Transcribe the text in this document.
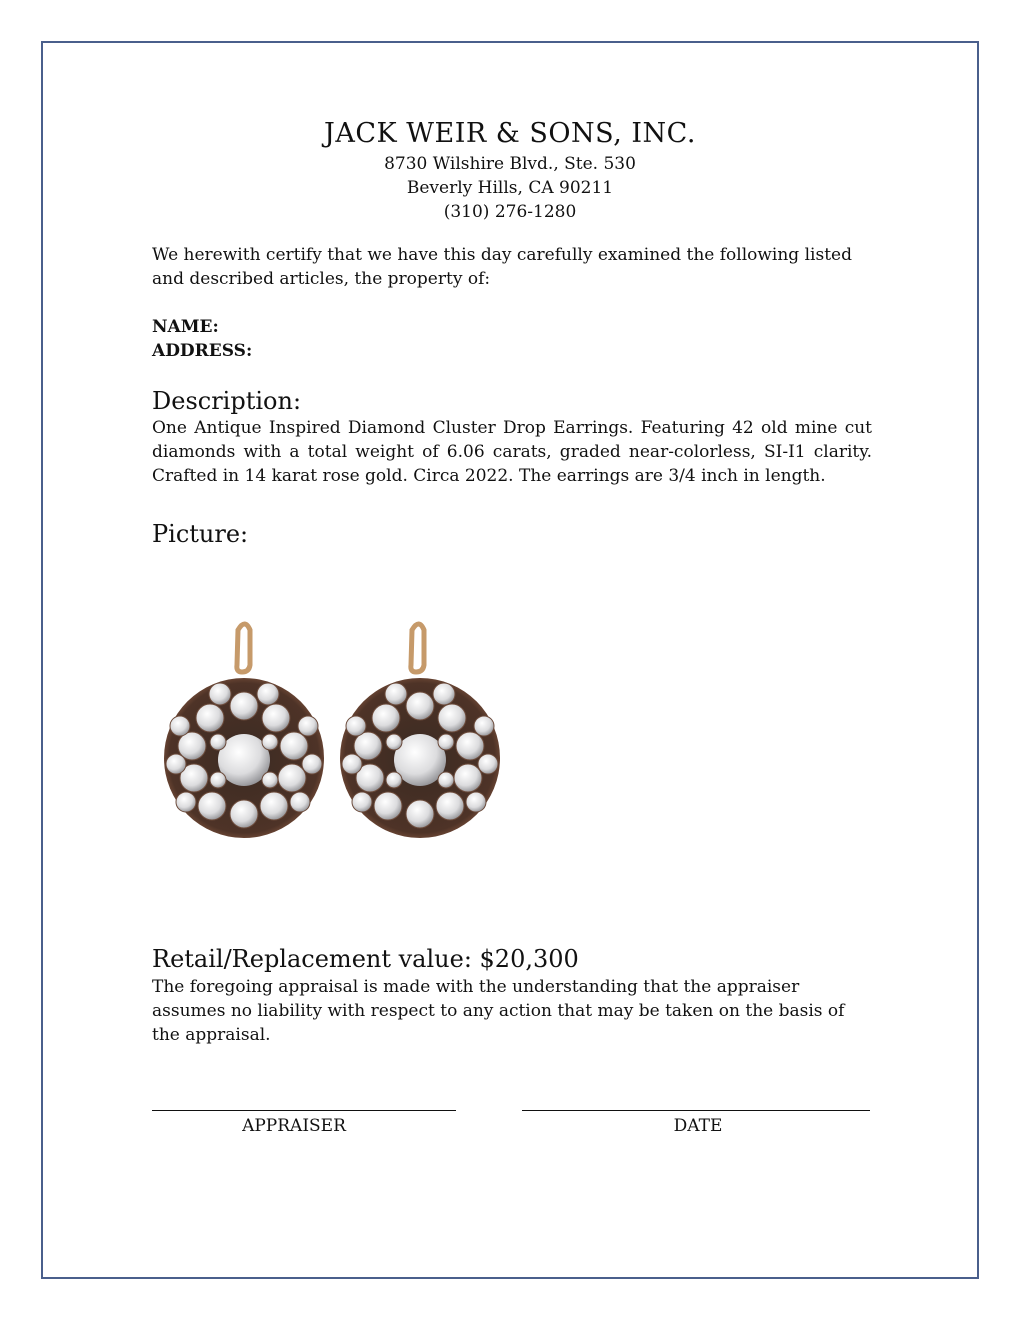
JACK WEIR & SONS, INC.
8730 Wilshire Blvd., Ste. 530
Beverly Hills, CA 90211
(310) 276-1280
We herewith certify that we have this day carefully examined the following listed and described articles, the property of:
NAME:
ADDRESS:
Description:
One Antique Inspired Diamond Cluster Drop Earrings. Featuring 42 old mine cut diamonds with a total weight of 6.06 carats, graded near-colorless, SI-I1 clarity. Crafted in 14 karat rose gold. Circa 2022. The earrings are 3/4 inch in length.
Picture:
Retail/Replacement value: $20,300
The foregoing appraisal is made with the understanding that the appraiser assumes no liability with respect to any action that may be taken on the basis of the appraisal.
APPRAISER	DATE
